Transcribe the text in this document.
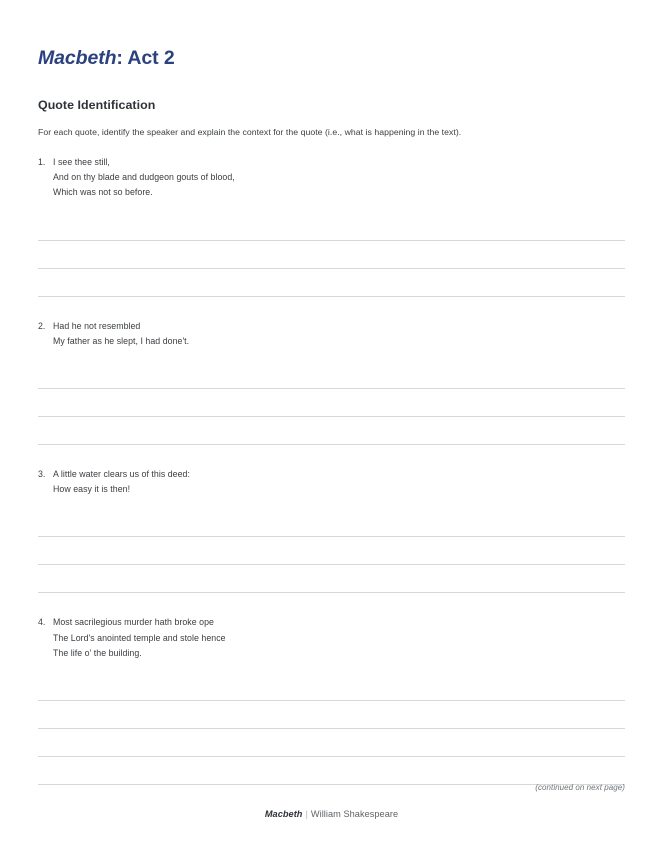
Macbeth: Act 2
Quote Identification

For each quote, identify the speaker and explain the context for the quote (i.e., what is happening in the text).

1. I see thee still,
And on thy blade and dudgeon gouts of blood,
Which was not so before.
2. Had he not resembled
My father as he slept, I had done't.
3. A little water clears us of this deed:
How easy it is then!
4. Most sacrilegious murder hath broke ope
The Lord's anointed temple and stole hence
The life o' the building.
(continued on next page)
Macbeth | William Shakespeare
